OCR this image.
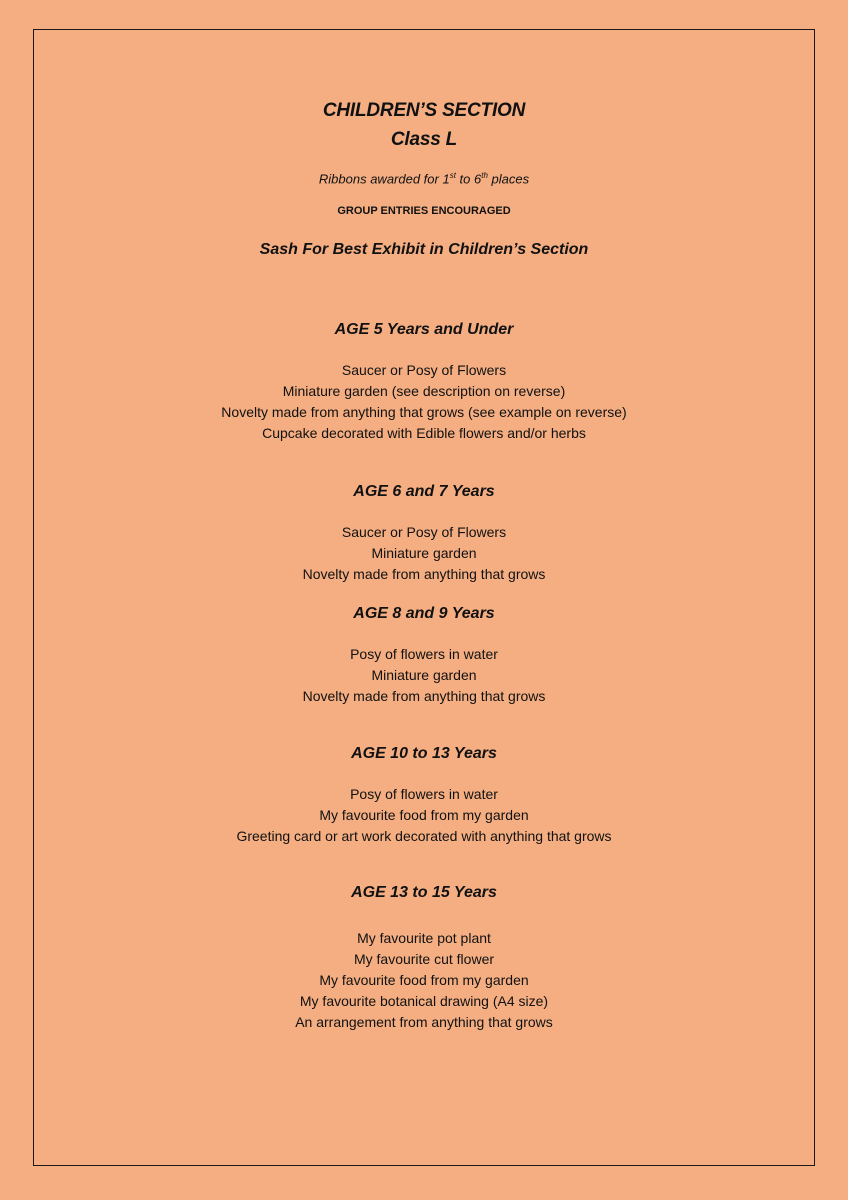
CHILDREN’S SECTION
Class L
Ribbons awarded for 1st to 6th places
GROUP ENTRIES ENCOURAGED
Sash For Best Exhibit in Children’s Section
AGE 5 Years and Under
Saucer or Posy of Flowers
Miniature garden (see description on reverse)
Novelty made from anything that grows (see example on reverse)
Cupcake decorated with Edible flowers and/or herbs
AGE 6 and 7 Years
Saucer or Posy of Flowers
Miniature garden
Novelty made from anything that grows
AGE 8 and 9 Years
Posy of flowers in water
Miniature garden
Novelty made from anything that grows
AGE 10 to 13 Years
Posy of flowers in water
My favourite food from my garden
Greeting card or art work decorated with anything that grows
AGE 13 to 15 Years
My favourite pot plant
My favourite cut flower
My favourite food from my garden
My favourite botanical drawing (A4 size)
An arrangement from anything that grows
